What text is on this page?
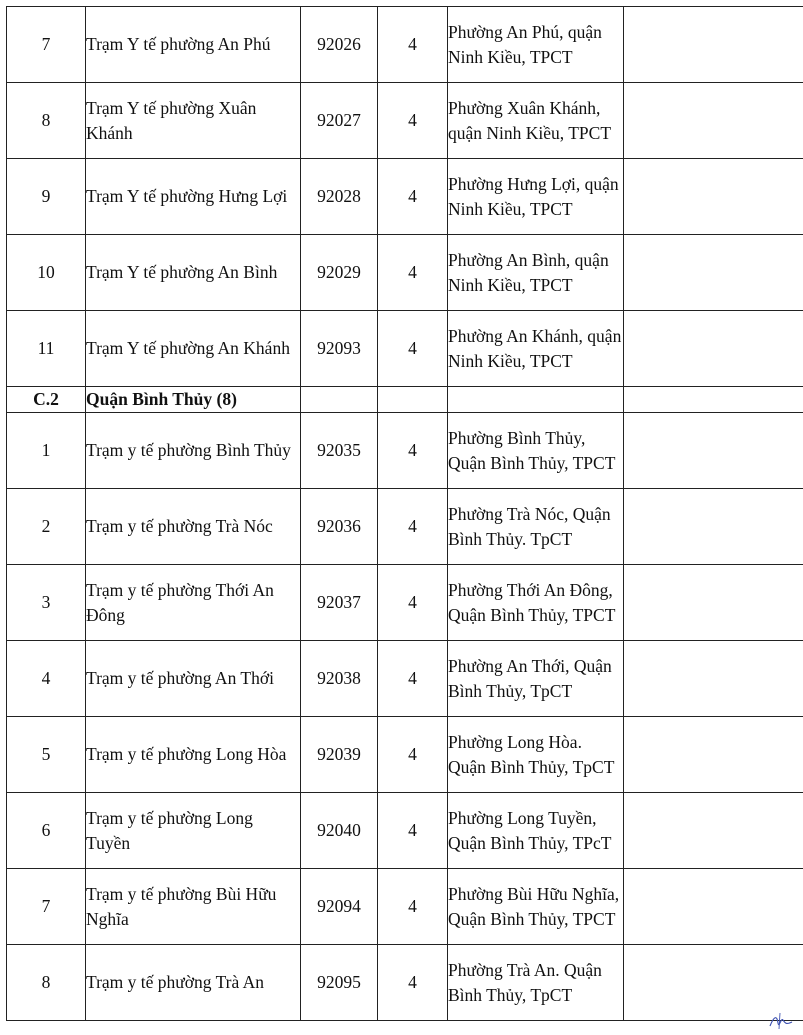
7	Trạm Y tế phường An Phú	92026	4	Phường An Phú, quận Ninh Kiều, TPCT	
8	Trạm Y tế phường Xuân Khánh	92027	4	Phường Xuân Khánh, quận Ninh Kiều, TPCT	
9	Trạm Y tế phường Hưng Lợi	92028	4	Phường Hưng Lợi, quận Ninh Kiều, TPCT	
10	Trạm Y tế phường An Bình	92029	4	Phường An Bình, quận Ninh Kiều, TPCT	
11	Trạm Y tế phường An Khánh	92093	4	Phường An Khánh, quận Ninh Kiều, TPCT	
C.2	Quận Bình Thủy (8)				
1	Trạm y tế phường Bình Thủy	92035	4	Phường Bình Thủy, Quận Bình Thủy, TPCT	
2	Trạm y tế phường Trà Nóc	92036	4	Phường Trà Nóc, Quận Bình Thủy. TpCT	
3	Trạm y tế phường Thới An Đông	92037	4	Phường Thới An Đông, Quận Bình Thủy, TPCT	
4	Trạm y tế phường An Thới	92038	4	Phường An Thới, Quận Bình Thủy, TpCT	
5	Trạm y tế phường Long Hòa	92039	4	Phường Long Hòa. Quận Bình Thủy, TpCT	
6	Trạm y tế phường Long Tuyền	92040	4	Phường Long Tuyền, Quận Bình Thủy, TPcT	
7	Trạm y tế phường Bùi Hữu Nghĩa	92094	4	Phường Bùi Hữu Nghĩa, Quận Bình Thủy, TPCT	
8	Trạm y tế phường Trà An	92095	4	Phường Trà An. Quận Bình Thủy, TpCT	
